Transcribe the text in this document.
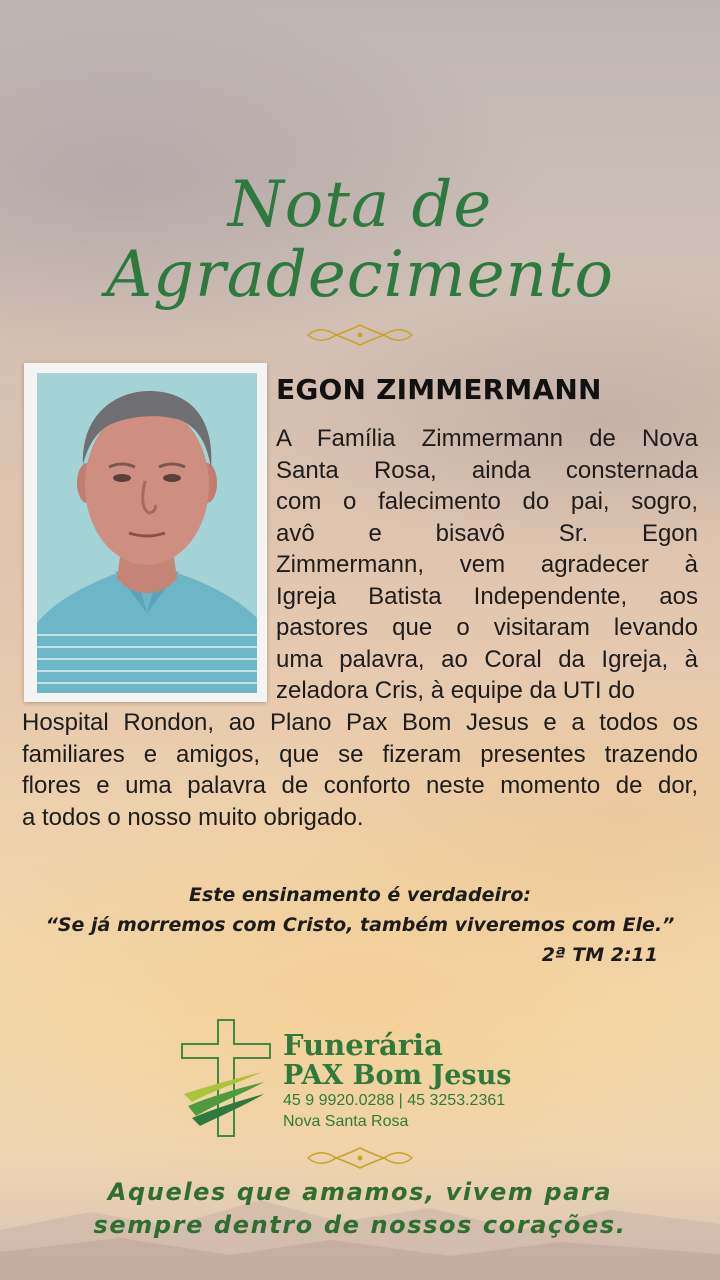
Nota de
Agradecimento
EGON ZIMMERMANN
A Família Zimmermann de Nova
Santa Rosa, ainda consternada
com o falecimento do pai, sogro,
avô e bisavô Sr. Egon
Zimmermann, vem agradecer à
Igreja Batista Independente, aos
pastores que o visitaram levando
uma palavra, ao Coral da Igreja, à
zeladora Cris, à equipe da UTI do
Hospital Rondon, ao Plano Pax Bom Jesus e a todos os
familiares e amigos, que se fizeram presentes trazendo
flores e uma palavra de conforto neste momento de dor,
a todos o nosso muito obrigado.
Este ensinamento é verdadeiro:
“Se já morremos com Cristo, também viveremos com Ele.”
2ª TM 2:11
Funerária
PAX Bom Jesus
45 9 9920.0288 | 45 3253.2361
Nova Santa Rosa
Aqueles que amamos, vivem para
sempre dentro de nossos corações.
